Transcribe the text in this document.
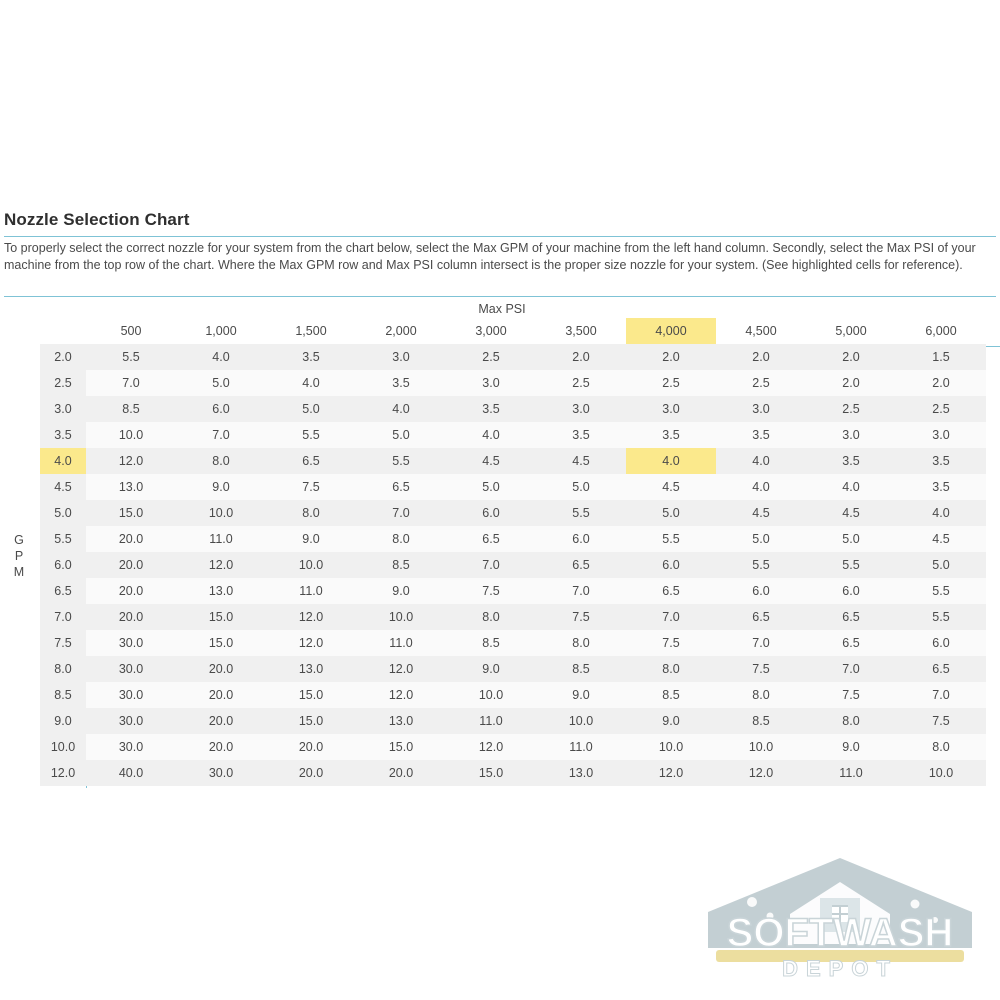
Nozzle Selection Chart
To properly select the correct nozzle for your system from the chart below, select the Max GPM of your machine from the left hand column. Secondly, select the Max PSI of your machine from the top row of the chart. Where the Max GPM row and Max PSI column intersect is the proper size nozzle for your system. (See highlighted cells for reference).
Max PSI
G
P
M
	500	1,000	1,500	2,000	3,000	3,500	4,000	4,500	5,000	6,000
2.0	5.5	4.0	3.5	3.0	2.5	2.0	2.0	2.0	2.0	1.5
2.5	7.0	5.0	4.0	3.5	3.0	2.5	2.5	2.5	2.0	2.0
3.0	8.5	6.0	5.0	4.0	3.5	3.0	3.0	3.0	2.5	2.5
3.5	10.0	7.0	5.5	5.0	4.0	3.5	3.5	3.5	3.0	3.0
4.0	12.0	8.0	6.5	5.5	4.5	4.5	4.0	4.0	3.5	3.5
4.5	13.0	9.0	7.5	6.5	5.0	5.0	4.5	4.0	4.0	3.5
5.0	15.0	10.0	8.0	7.0	6.0	5.5	5.0	4.5	4.5	4.0
5.5	20.0	11.0	9.0	8.0	6.5	6.0	5.5	5.0	5.0	4.5
6.0	20.0	12.0	10.0	8.5	7.0	6.5	6.0	5.5	5.5	5.0
6.5	20.0	13.0	11.0	9.0	7.5	7.0	6.5	6.0	6.0	5.5
7.0	20.0	15.0	12.0	10.0	8.0	7.5	7.0	6.5	6.5	5.5
7.5	30.0	15.0	12.0	11.0	8.5	8.0	7.5	7.0	6.5	6.0
8.0	30.0	20.0	13.0	12.0	9.0	8.5	8.0	7.5	7.0	6.5
8.5	30.0	20.0	15.0	12.0	10.0	9.0	8.5	8.0	7.5	7.0
9.0	30.0	20.0	15.0	13.0	11.0	10.0	9.0	8.5	8.0	7.5
10.0	30.0	20.0	20.0	15.0	12.0	11.0	10.0	10.0	9.0	8.0
12.0	40.0	30.0	20.0	20.0	15.0	13.0	12.0	12.0	11.0	10.0
SOFTWASH
DEPOT
